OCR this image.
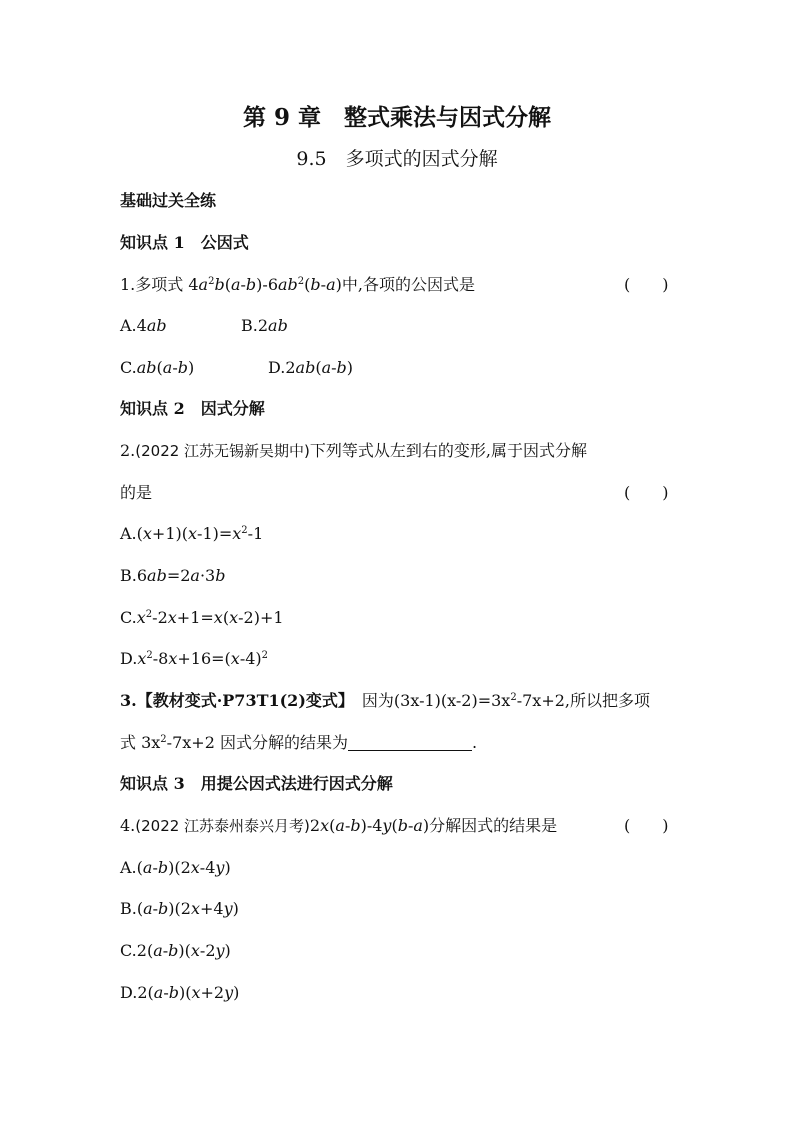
第 9 章　整式乘法与因式分解
9.5　多项式的因式分解
基础过关全练
知识点 1　公因式
1.多项式 $4a^2b(a-b)-6ab^2(b-a)$中,各项的公因式是	(　　)
A.4ab	B.2ab
C.ab(a-b)	D.2ab(a-b)
知识点 2　因式分解
2.(2022 江苏无锡新吴期中)下列等式从左到右的变形,属于因式分解
的是	(　　)
$A.(x+1)(x-1)=x^2-1$
B.6ab=2a·3b
$C.x^2-2x+1=x(x-2)+1$
$D.x^2-8x+16=(x-4)^2$
3.【教材变式·P73T1(2)变式】　 因为$(3x-1)(x-2)=3x^2-7x+2$,所以把多项
式 $3x^2-7x+2$ 因式分解的结果为	.
知识点 3　用提公因式法进行因式分解
4.(2022 江苏泰州泰兴月考)2x(a-b)-4y(b-a)分解因式的结果是	(　　)
A.(a-b)(2x-4y)
B.(a-b)(2x+4y)
C.2(a-b)(x-2y)
D.2(a-b)(x+2y)
